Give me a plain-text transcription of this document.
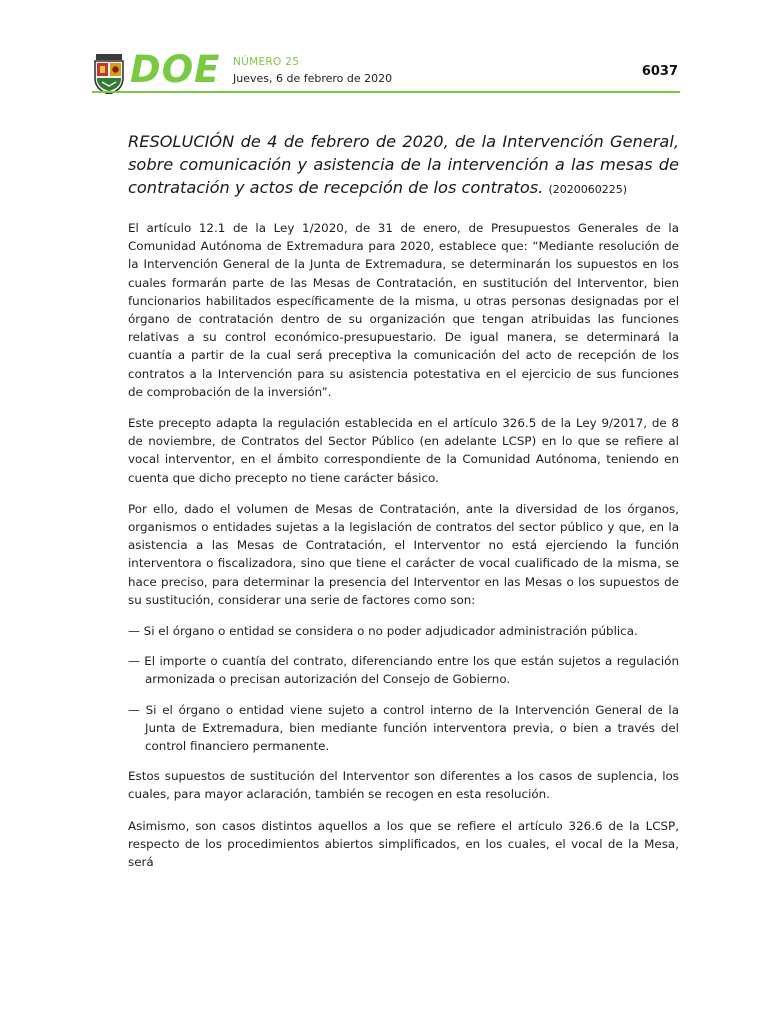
DOE NÚMERO 25
Jueves, 6 de febrero de 2020	6037

RESOLUCIÓN de 4 de febrero de 2020, de la Intervención General, sobre comunicación y asistencia de la intervención a las mesas de contratación y actos de recepción de los contratos. (2020060225)

El artículo 12.1 de la Ley 1/2020, de 31 de enero, de Presupuestos Generales de la Comunidad Autónoma de Extremadura para 2020, establece que: “Mediante resolución de la Intervención General de la Junta de Extremadura, se determinarán los supuestos en los cuales formarán parte de las Mesas de Contratación, en sustitución del Interventor, bien funcionarios habilitados específicamente de la misma, u otras personas designadas por el órgano de contratación dentro de su organización que tengan atribuidas las funciones relativas a su control económico-presupuestario. De igual manera, se determinará la cuantía a partir de la cual será preceptiva la comunicación del acto de recepción de los contratos a la Intervención para su asistencia potestativa en el ejercicio de sus funciones de comprobación de la inversión”.

Este precepto adapta la regulación establecida en el artículo 326.5 de la Ley 9/2017, de 8 de noviembre, de Contratos del Sector Público (en adelante LCSP) en lo que se refiere al vocal interventor, en el ámbito correspondiente de la Comunidad Autónoma, teniendo en cuenta que dicho precepto no tiene carácter básico.

Por ello, dado el volumen de Mesas de Contratación, ante la diversidad de los órganos, organismos o entidades sujetas a la legislación de contratos del sector público y que, en la asistencia a las Mesas de Contratación, el Interventor no está ejerciendo la función interventora o fiscalizadora, sino que tiene el carácter de vocal cualificado de la misma, se hace preciso, para determinar la presencia del Interventor en las Mesas o los supuestos de su sustitución, considerar una serie de factores como son:

— Si el órgano o entidad se considera o no poder adjudicador administración pública.

— El importe o cuantía del contrato, diferenciando entre los que están sujetos a regulación armonizada o precisan autorización del Consejo de Gobierno.

— Si el órgano o entidad viene sujeto a control interno de la Intervención General de la Junta de Extremadura, bien mediante función interventora previa, o bien a través del control financiero permanente.

Estos supuestos de sustitución del Interventor son diferentes a los casos de suplencia, los cuales, para mayor aclaración, también se recogen en esta resolución.

Asimismo, son casos distintos aquellos a los que se refiere el artículo 326.6 de la LCSP, respecto de los procedimientos abiertos simplificados, en los cuales, el vocal de la Mesa, será
